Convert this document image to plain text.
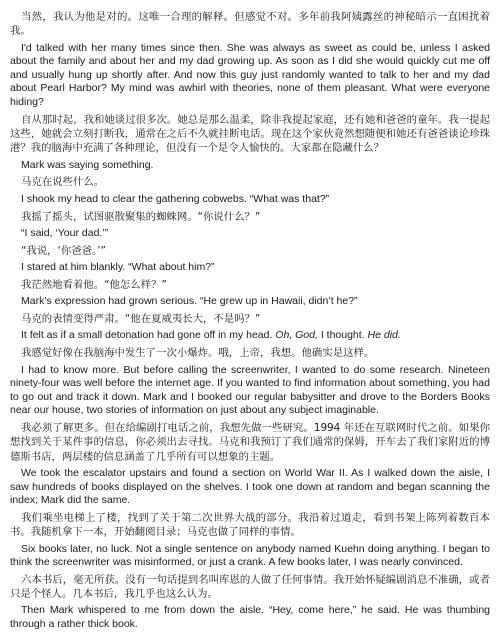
当然，我认为他是对的。这唯一合理的解释。但感觉不对。多年前我阿姨露丝的神秘暗示一直困扰着我。

I'd talked with her many times since then. She was always as sweet as could be, unless I asked about the family and about her and my dad growing up. As soon as I did she would quickly cut me off and usually hung up shortly after. And now this guy just randomly wanted to talk to her and my dad about Pearl Harbor? My mind was awhirl with theories, none of them pleasant. What were everyone hiding?

自从那时起，我和她谈过很多次。她总是那么温柔，除非我提起家庭，还有她和爸爸的童年。我一提起这些，她就会立刻打断我，通常在之后不久就挂断电话。现在这个家伙竟然想随便和她还有爸爸谈论珍珠港？我的脑海中充满了各种理论，但没有一个是令人愉快的。大家都在隐藏什么？

Mark was saying something.

马克在说些什么。

I shook my head to clear the gathering cobwebs. “What was that?”

我摇了摇头，试图驱散聚集的蜘蛛网。“你说什么？”

“I said, ‘Your dad.’”

“我说，‘你爸爸。’”

I stared at him blankly. “What about him?”

我茫然地看着他。“他怎么样？”

Mark’s expression had grown serious. “He grew up in Hawaii, didn’t he?”

马克的表情变得严肃。“他在夏威夷长大，不是吗？”

It felt as if a small detonation had gone off in my head. Oh, God, I thought. He did.

我感觉好像在我脑海中发生了一次小爆炸。哦，上帝，我想。他确实是这样。

I had to know more. But before calling the screenwriter, I wanted to do some research. Nineteen ninety-four was well before the internet age. If you wanted to find information about something, you had to go out and track it down. Mark and I booked our regular babysitter and drove to the Borders Books near our house, two stories of information on just about any subject imaginable.

我必须了解更多。但在给编剧打电话之前，我想先做一些研究。1994 年还在互联网时代之前。如果你想找到关于某件事的信息，你必须出去寻找。马克和我预订了我们通常的保姆，开车去了我们家附近的博德斯书店，两层楼的信息涵盖了几乎所有可以想象的主题。

We took the escalator upstairs and found a section on World War II. As I walked down the aisle, I saw hundreds of books displayed on the shelves. I took one down at random and began scanning the index; Mark did the same.

我们乘坐电梯上了楼，找到了关于第二次世界大战的部分。我沿着过道走，看到书架上陈列着数百本书。我随机拿下一本，开始翻阅目录；马克也做了同样的事情。

Six books later, no luck. Not a single sentence on anybody named Kuehn doing anything. I began to think the screenwriter was misinformed, or just a crank. A few books later, I was nearly convinced.

六本书后，毫无所获。没有一句话提到名叫库恩的人做了任何事情。我开始怀疑编剧消息不准确，或者只是个怪人。几本书后，我几乎也这么认为。

Then Mark whispered to me from down the aisle. “Hey, come here,” he said. He was thumbing through a rather thick book.
